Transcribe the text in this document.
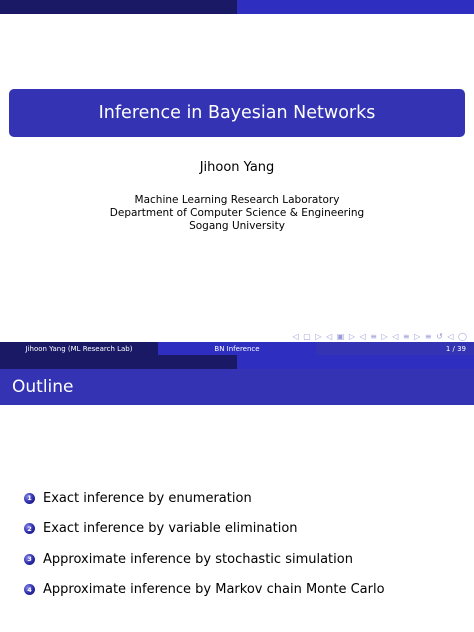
Inference in Bayesian Networks
Jihoon Yang
Machine Learning Research Laboratory
Department of Computer Science & Engineering
Sogang University
◁ ▢ ▷ ◁ ▣ ▷ ◁ ≡ ▷ ◁ ≡ ▷ ≡ ↺ ◁ ◯
Jihoon Yang (ML Research Lab)	BN Inference	1 / 39
Outline
1 Exact inference by enumeration
2 Exact inference by variable elimination
3 Approximate inference by stochastic simulation
4 Approximate inference by Markov chain Monte Carlo
